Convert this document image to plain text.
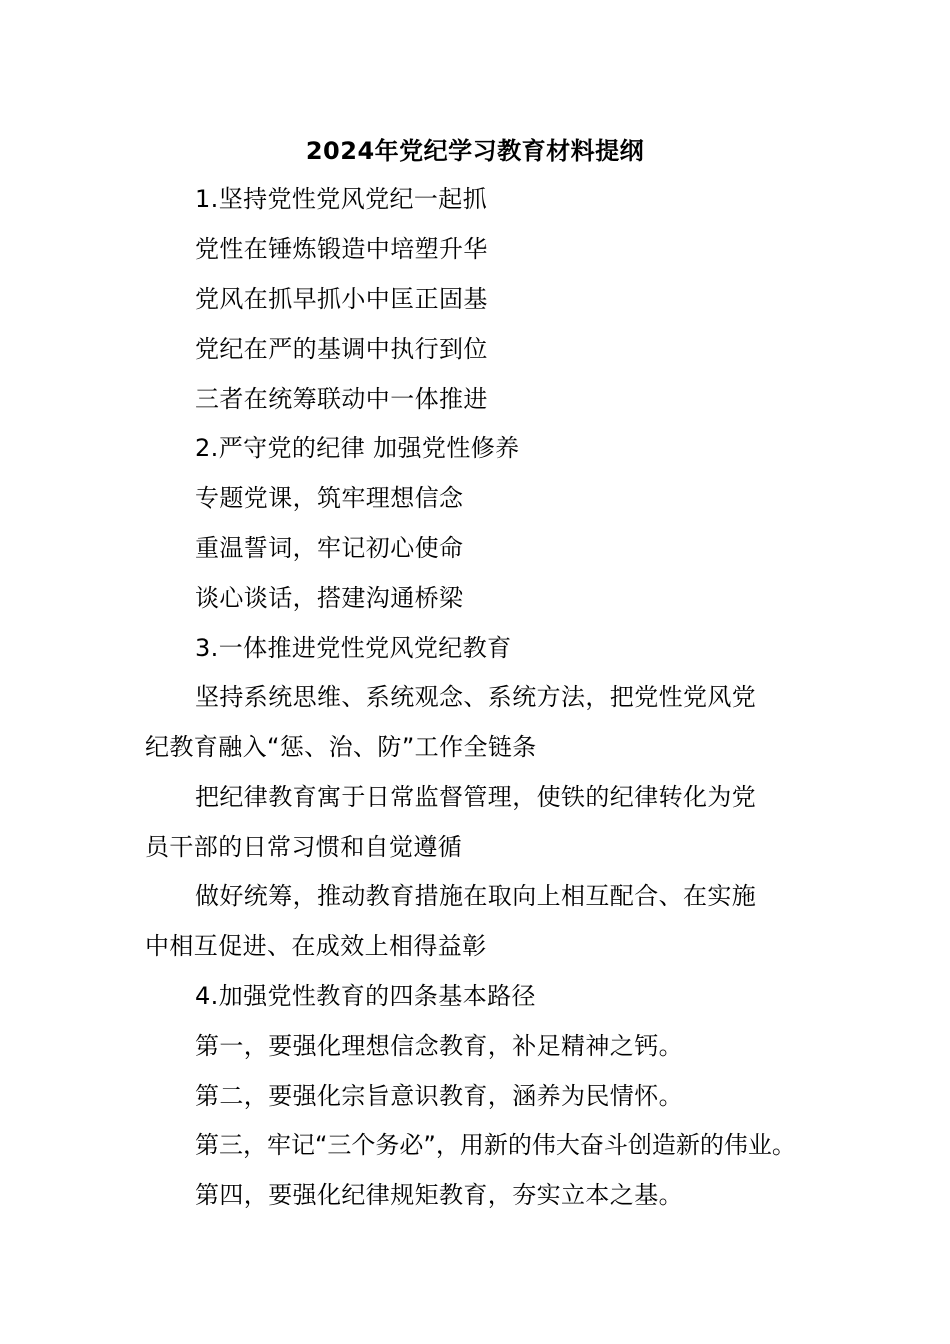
2024年党纪学习教育材料提纲
1.坚持党性党风党纪一起抓
党性在锤炼锻造中培塑升华
党风在抓早抓小中匡正固基
党纪在严的基调中执行到位
三者在统筹联动中一体推进
2.严守党的纪律 加强党性修养
专题党课，筑牢理想信念
重温誓词，牢记初心使命
谈心谈话，搭建沟通桥梁
3.一体推进党性党风党纪教育
坚持系统思维、系统观念、系统方法，把党性党风党
纪教育融入“惩、治、防”工作全链条
把纪律教育寓于日常监督管理，使铁的纪律转化为党
员干部的日常习惯和自觉遵循
做好统筹，推动教育措施在取向上相互配合、在实施
中相互促进、在成效上相得益彰
4.加强党性教育的四条基本路径
第一，要强化理想信念教育，补足精神之钙。
第二，要强化宗旨意识教育，涵养为民情怀。
第三，牢记“三个务必”，用新的伟大奋斗创造新的伟业。
第四，要强化纪律规矩教育，夯实立本之基。
